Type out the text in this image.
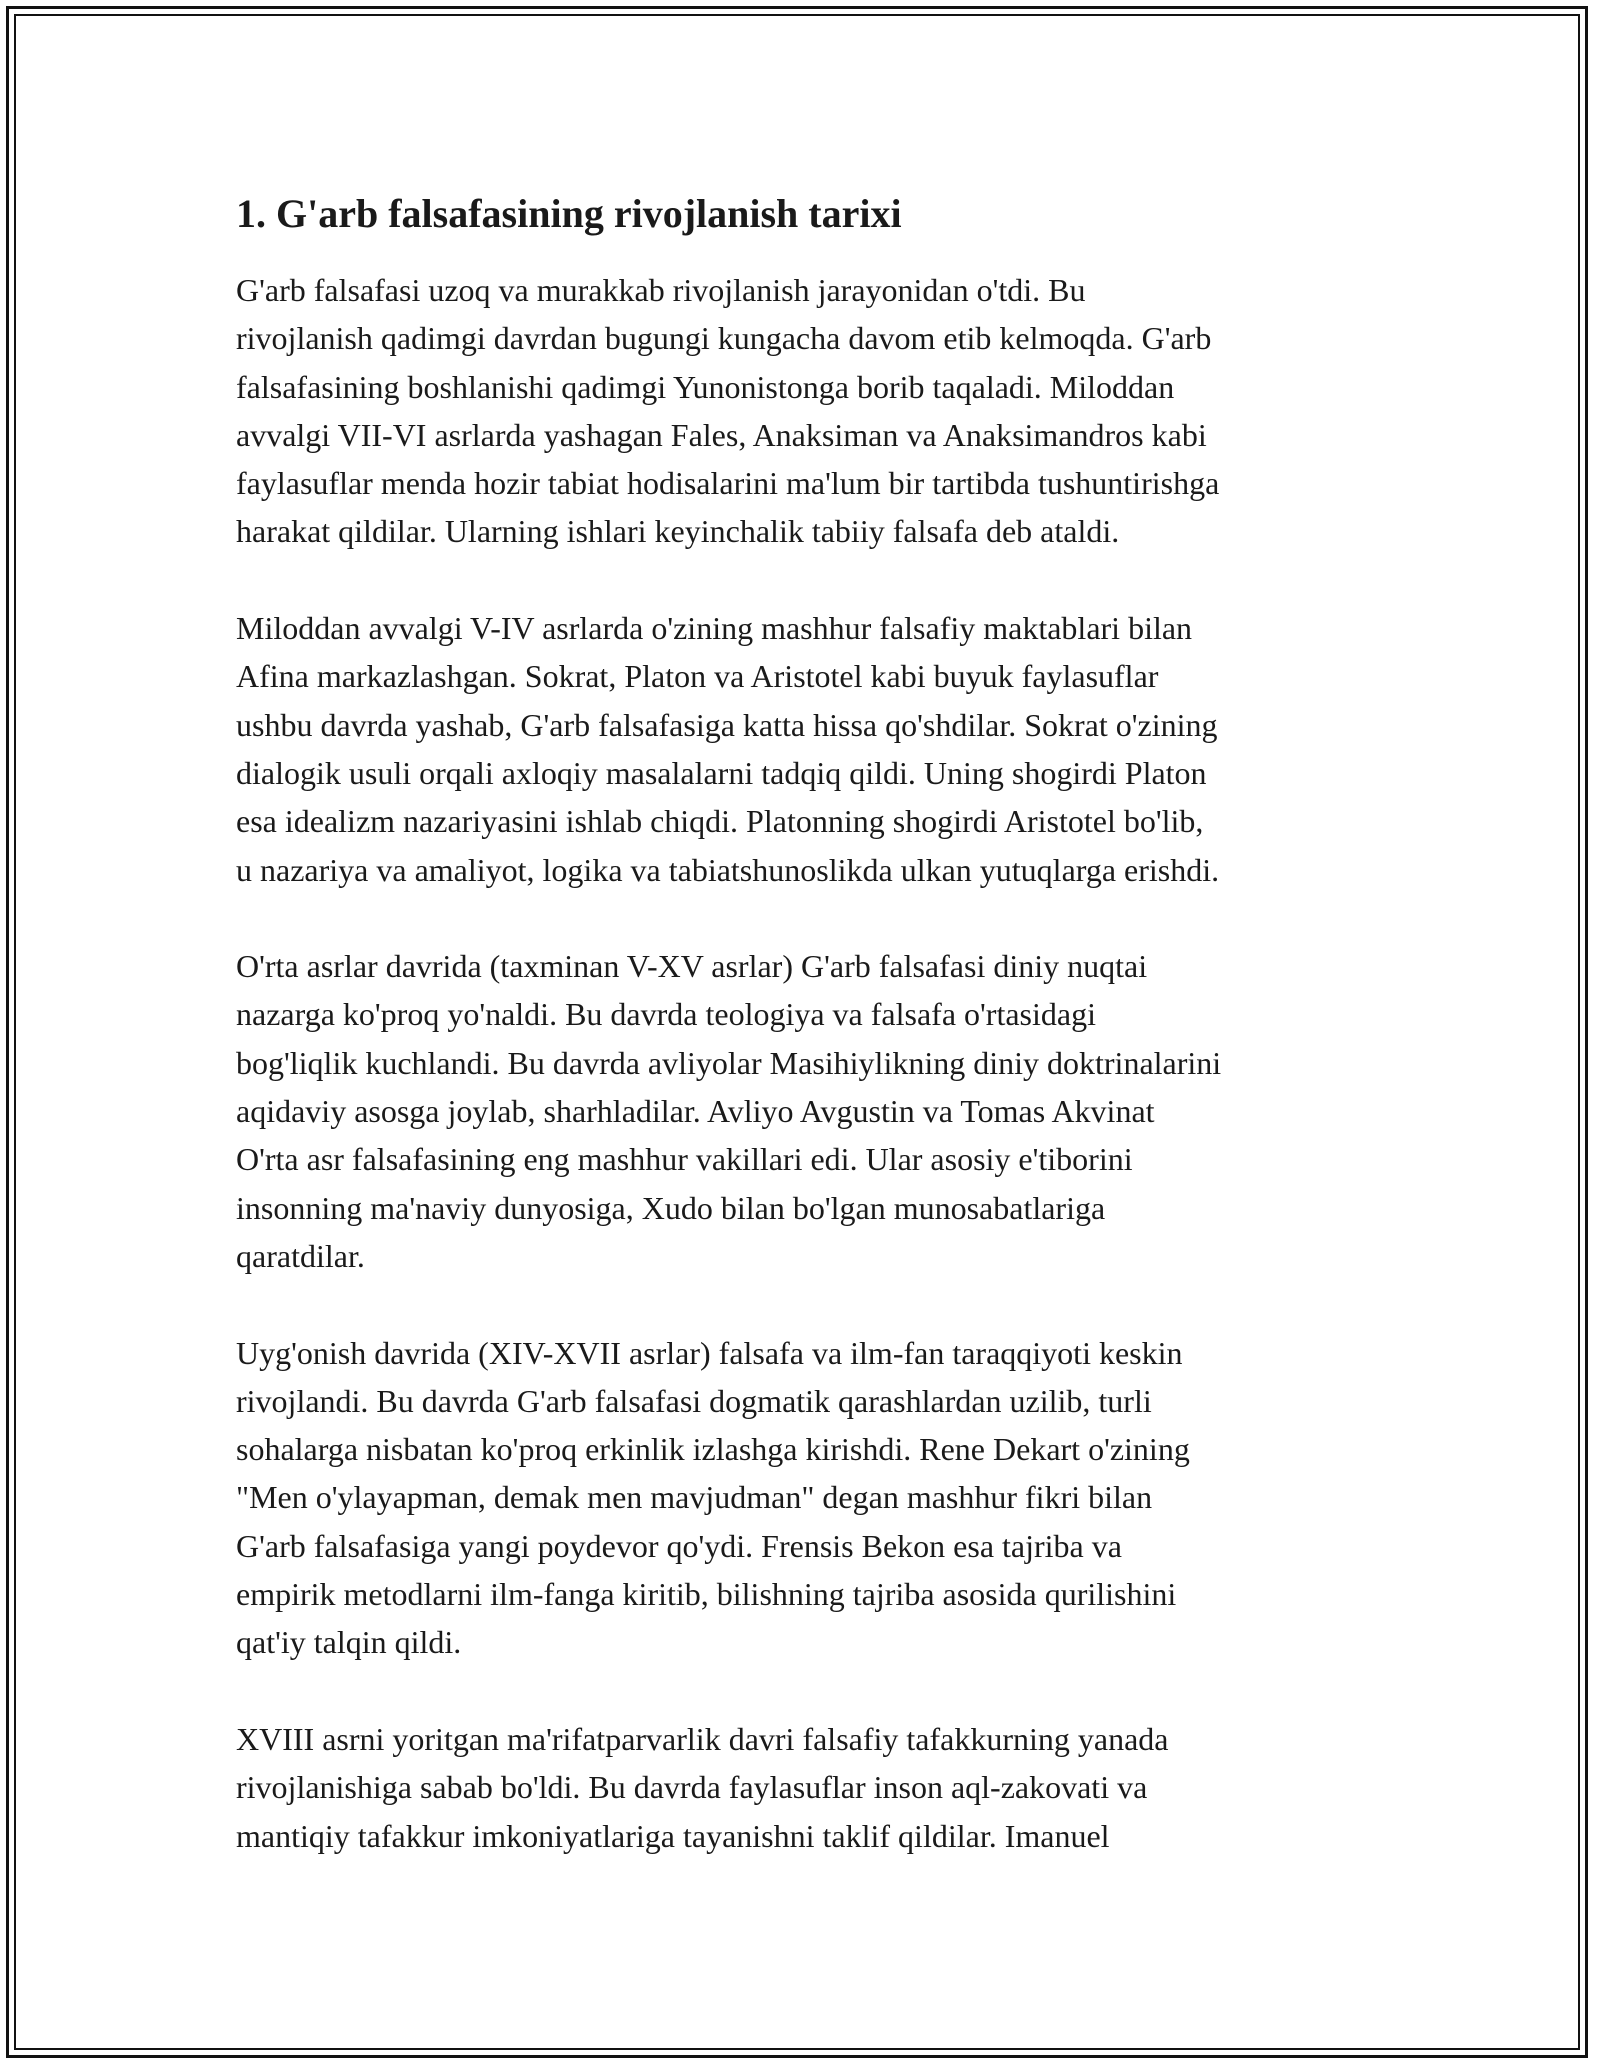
1. G'arb falsafasining rivojlanish tarixi

G'arb falsafasi uzoq va murakkab rivojlanish jarayonidan o'tdi. Bu
rivojlanish qadimgi davrdan bugungi kungacha davom etib kelmoqda. G'arb
falsafasining boshlanishi qadimgi Yunonistonga borib taqaladi. Miloddan
avvalgi VII-VI asrlarda yashagan Fales, Anaksiman va Anaksimandros kabi
faylasuflar menda hozir tabiat hodisalarini ma'lum bir tartibda tushuntirishga
harakat qildilar. Ularning ishlari keyinchalik tabiiy falsafa deb ataldi.

Miloddan avvalgi V-IV asrlarda o'zining mashhur falsafiy maktablari bilan
Afina markazlashgan. Sokrat, Platon va Aristotel kabi buyuk faylasuflar
ushbu davrda yashab, G'arb falsafasiga katta hissa qo'shdilar. Sokrat o'zining
dialogik usuli orqali axloqiy masalalarni tadqiq qildi. Uning shogirdi Platon
esa idealizm nazariyasini ishlab chiqdi. Platonning shogirdi Aristotel bo'lib,
u nazariya va amaliyot, logika va tabiatshunoslikda ulkan yutuqlarga erishdi.

O'rta asrlar davrida (taxminan V-XV asrlar) G'arb falsafasi diniy nuqtai
nazarga ko'proq yo'naldi. Bu davrda teologiya va falsafa o'rtasidagi
bog'liqlik kuchlandi. Bu davrda avliyolar Masihiylikning diniy doktrinalarini
aqidaviy asosga joylab, sharhladilar. Avliyo Avgustin va Tomas Akvinat
O'rta asr falsafasining eng mashhur vakillari edi. Ular asosiy e'tiborini
insonning ma'naviy dunyosiga, Xudo bilan bo'lgan munosabatlariga
qaratdilar.

Uyg'onish davrida (XIV-XVII asrlar) falsafa va ilm-fan taraqqiyoti keskin
rivojlandi. Bu davrda G'arb falsafasi dogmatik qarashlardan uzilib, turli
sohalarga nisbatan ko'proq erkinlik izlashga kirishdi. Rene Dekart o'zining
"Men o'ylayapman, demak men mavjudman" degan mashhur fikri bilan
G'arb falsafasiga yangi poydevor qo'ydi. Frensis Bekon esa tajriba va
empirik metodlarni ilm-fanga kiritib, bilishning tajriba asosida qurilishini
qat'iy talqin qildi.

XVIII asrni yoritgan ma'rifatparvarlik davri falsafiy tafakkurning yanada
rivojlanishiga sabab bo'ldi. Bu davrda faylasuflar inson aql-zakovati va
mantiqiy tafakkur imkoniyatlariga tayanishni taklif qildilar. Imanuel
